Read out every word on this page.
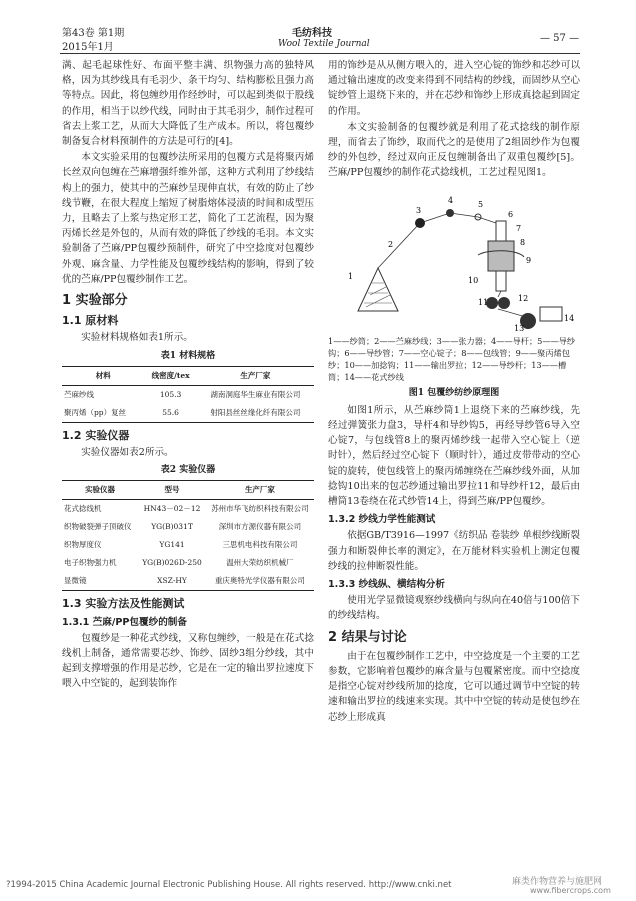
第43卷 第1期
2015年1月
毛纺科技
Wool Textile Journal	— 57 —

满、起毛起球性好、布面平整丰满、织物强力高的独特风格，因为其纱线具有毛羽少、条干均匀、结构膨松且强力高等特点。因此，将包缠纱用作经纱时，可以起到类似于股线的作用，相当于以纱代线，同时由于其毛羽少，制作过程可省去上浆工艺，从而大大降低了生产成本。所以，将包覆纱制备复合材料预制件的方法是可行的[4]。

本文实验采用的包覆纱法所采用的包覆方式是将聚丙烯长丝双向包缠在苎麻增强纤维外部，这种方式利用了纱线结构上的强力，使其中的苎麻纱呈现伸直状，有效的防止了纱线节鞭，在很大程度上缩短了树脂熔体浸渍的时间和成型压力，且略去了上浆与热定形工艺，简化了工艺流程，因为聚丙烯长丝是外包的，从而有效的降低了纱线的毛羽。本文实验制备了苎麻/PP包覆纱预制件，研究了中空捻度对包覆纱外观、麻含量、力学性能及包覆纱线结构的影响，得到了较优的苎麻/PP包覆纱制作工艺。

1 实验部分
1.1 原材料

实验材料规格如表1所示。

表1 材料规格
材料	线密度/tex	生产厂家
苎麻纱线	105.3	湖南洞庭华生麻业有限公司
聚丙烯（pp）复丝	55.6	射阳县丝丝缘化纤有限公司
1.2 实验仪器

实验仪器如表2所示。

表2 实验仪器
实验仪器	型号	生产厂家
花式捻线机	HN43－02－12	苏州市华飞纺织科技有限公司
织物破裂弹子顶破仪	YG(B)031T	深圳市方源仪器有限公司
织物厚度仪	YG141	三思机电科技有限公司
电子织物强力机	YG(B)026D-250	温州大荣纺织机械厂
显微镜	XSZ-HY	重庆奥特光学仪器有限公司
1.3 实验方法及性能测试
1.3.1 苎麻/PP包覆纱的制备

包覆纱是一种花式纱线，又称包缠纱，一般是在花式捻线机上制备，通常需要芯纱、饰纱、固纱3组分纱线，其中起到支撑增强的作用是芯纱，它是在一定的输出罗拉速度下喂入中空锭的，起到装饰作

用的饰纱是从从侧方喂入的，进入空心锭的饰纱和芯纱可以通过输出速度的改变来得到不同结构的纱线，而固纱从空心锭纱管上退绕下来的，并在芯纱和饰纱上形成真捻起到固定的作用。

本文实验制备的包覆纱就是利用了花式捻线的制作原理，而省去了饰纱，取而代之的是使用了2组固纱作为包覆纱的外包纱，经过双向正反包缠制备出了双重包覆纱[5]。苎麻/PP包覆纱的制作花式捻线机，工艺过程见图1。

1
2
3
4	5
6
7
8
9
10
11	12
13
14
1——纱筒；2——苎麻纱线；3——张力器；4——导杆；5——导纱钩；6——导纱管；7——空心锭子；8——包线管；9——聚丙烯包纱；10——加捻钩；11——输出罗拉；12——导纱杆；13——槽筒；14——花式纱线
图1 包覆纱纺纱原理图

如图1所示，从苎麻纱筒1上退绕下来的苎麻纱线，先经过弹簧张力盘3，导杆4和导纱钩5，再经导纱管6导入空心锭7，与包线管8上的聚丙烯纱线一起带入空心锭上（逆时针），然后经过空心锭下（顺时针），通过皮带带动的空心锭的旋转，使包线管上的聚丙烯缠绕在苎麻纱线外面，从加捻钩10出来的包芯纱通过输出罗拉11和导纱杆12，最后由槽筒13卷绕在花式纱管14上，得到苎麻/PP包覆纱。

1.3.2 纱线力学性能测试

依据GB/T3916—1997《纺织品 卷装纱 单根纱线断裂强力和断裂伸长率的测定》，在万能材料实验机上测定包覆纱线的拉伸断裂性能。

1.3.3 纱线纵、横结构分析

使用光学显微镜观察纱线横向与纵向在40倍与100倍下的纱线结构。

2 结果与讨论

由于在包覆纱制作工艺中，中空捻度是一个主要的工艺参数，它影响着包覆纱的麻含量与包覆紧密度。而中空捻度是指空心锭对纱线所加的捻度，它可以通过调节中空锭的转速和输出罗拉的线速来实现。其中中空锭的转动是使包纱在芯纱上形成真

?1994-2015 China Academic Journal Electronic Publishing House. All rights reserved. http://www.cnki.net	麻类作物营养与施肥网
www.fibercrops.com
